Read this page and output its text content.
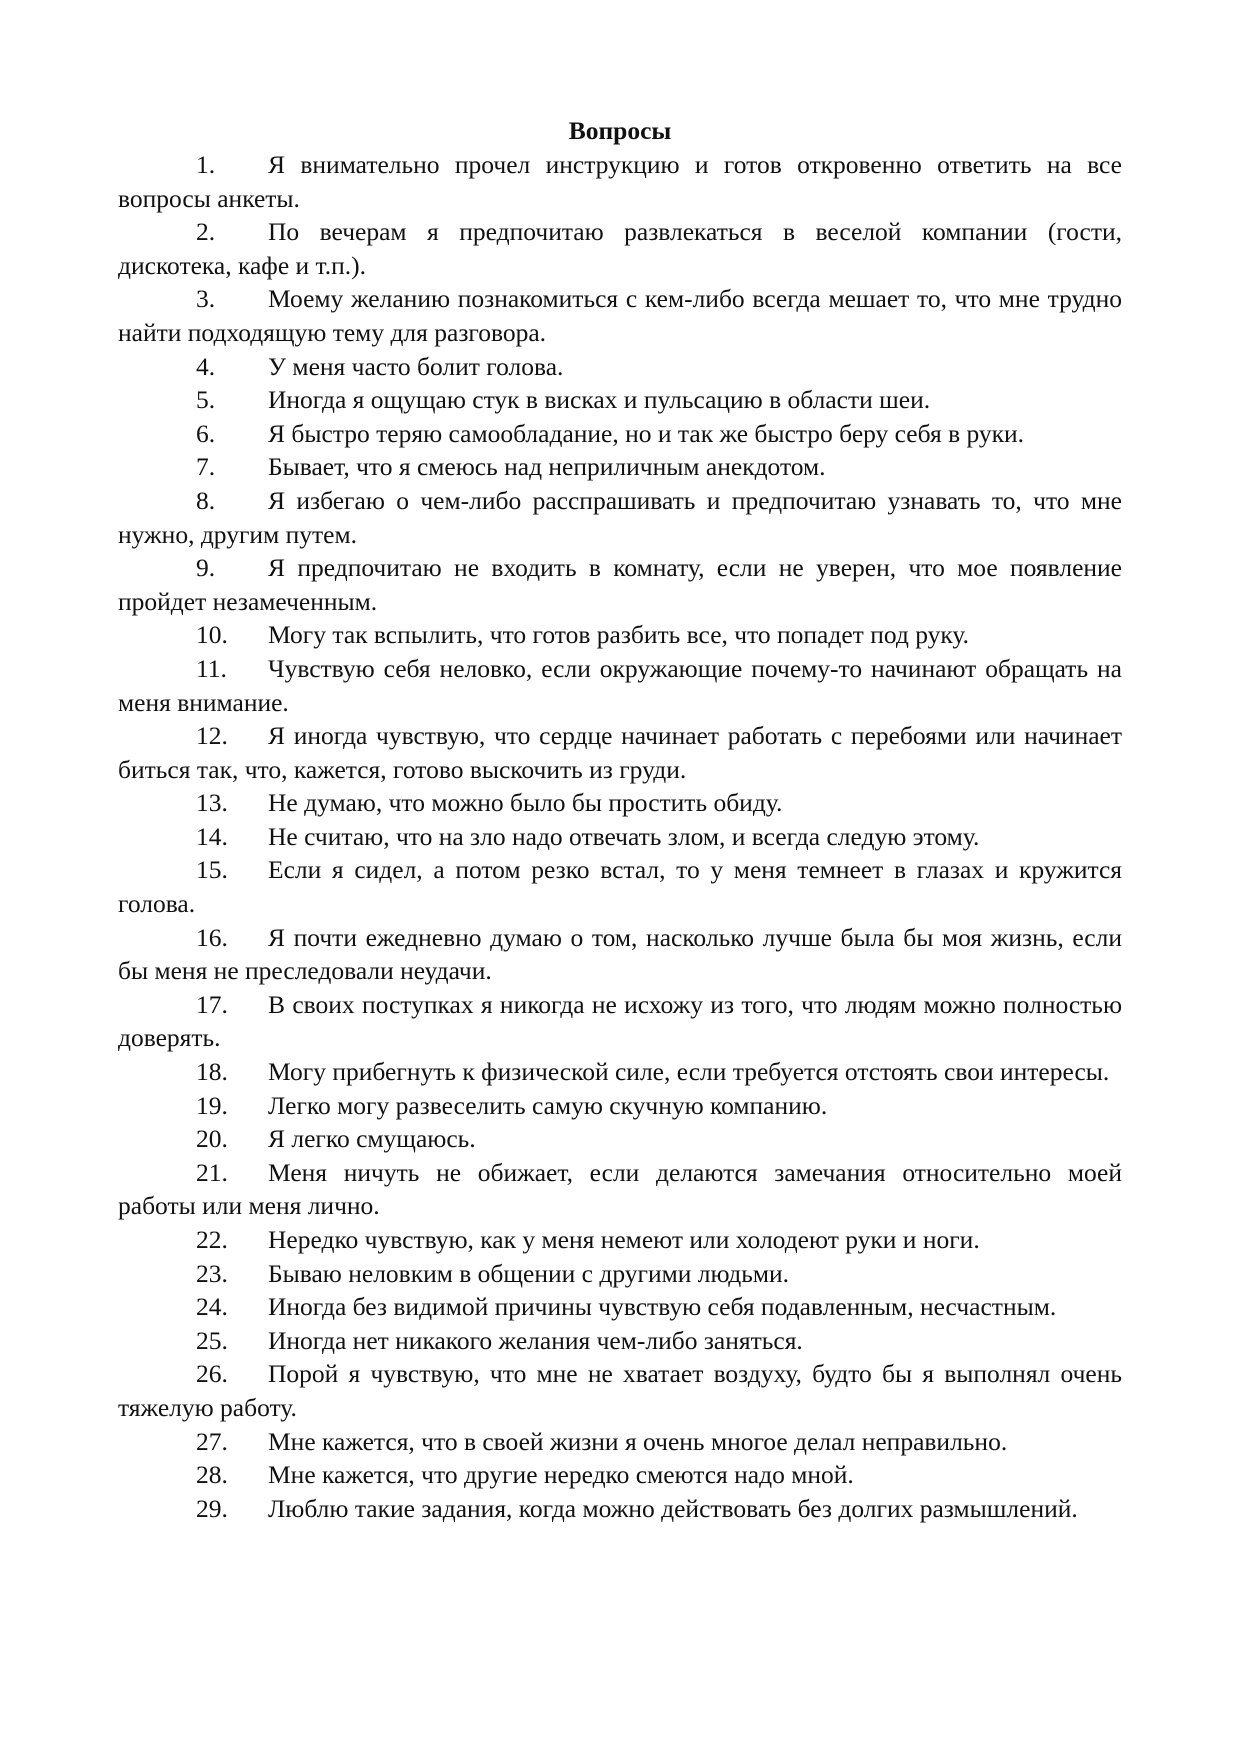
Вопросы
1. Я внимательно прочел инструкцию и готов откровенно ответить на все вопросы анкеты.
2. По вечерам я предпочитаю развлекаться в веселой компании (гости, дискотека, кафе и т.п.).
3. Моему желанию познакомиться с кем-либо всегда мешает то, что мне трудно найти подходящую тему для разговора.
4. У меня часто болит голова.
5. Иногда я ощущаю стук в висках и пульсацию в области шеи.
6. Я быстро теряю самообладание, но и так же быстро беру себя в руки.
7. Бывает, что я смеюсь над неприличным анекдотом.
8. Я избегаю о чем-либо расспрашивать и предпочитаю узнавать то, что мне нужно, другим путем.
9. Я предпочитаю не входить в комнату, если не уверен, что мое появление пройдет незамеченным.
10. Могу так вспылить, что готов разбить все, что попадет под руку.
11. Чувствую себя неловко, если окружающие почему-то начинают обращать на меня внимание.
12. Я иногда чувствую, что сердце начинает работать с перебоями или начинает биться так, что, кажется, готово выскочить из груди.
13. Не думаю, что можно было бы простить обиду.
14. Не считаю, что на зло надо отвечать злом, и всегда следую этому.
15. Если я сидел, а потом резко встал, то у меня темнеет в глазах и кружится голова.
16. Я почти ежедневно думаю о том, насколько лучше была бы моя жизнь, если бы меня не преследовали неудачи.
17. В своих поступках я никогда не исхожу из того, что людям можно полностью доверять.
18. Могу прибегнуть к физической силе, если требуется отстоять свои интересы.
19. Легко могу развеселить самую скучную компанию.
20. Я легко смущаюсь.
21. Меня ничуть не обижает, если делаются замечания относительно моей работы или меня лично.
22. Нередко чувствую, как у меня немеют или холодеют руки и ноги.
23. Бываю неловким в общении с другими людьми.
24. Иногда без видимой причины чувствую себя подавленным, несчастным.
25. Иногда нет никакого желания чем-либо заняться.
26. Порой я чувствую, что мне не хватает воздуху, будто бы я выполнял очень тяжелую работу.
27. Мне кажется, что в своей жизни я очень многое делал неправильно.
28. Мне кажется, что другие нередко смеются надо мной.
29. Люблю такие задания, когда можно действовать без долгих размышлений.
